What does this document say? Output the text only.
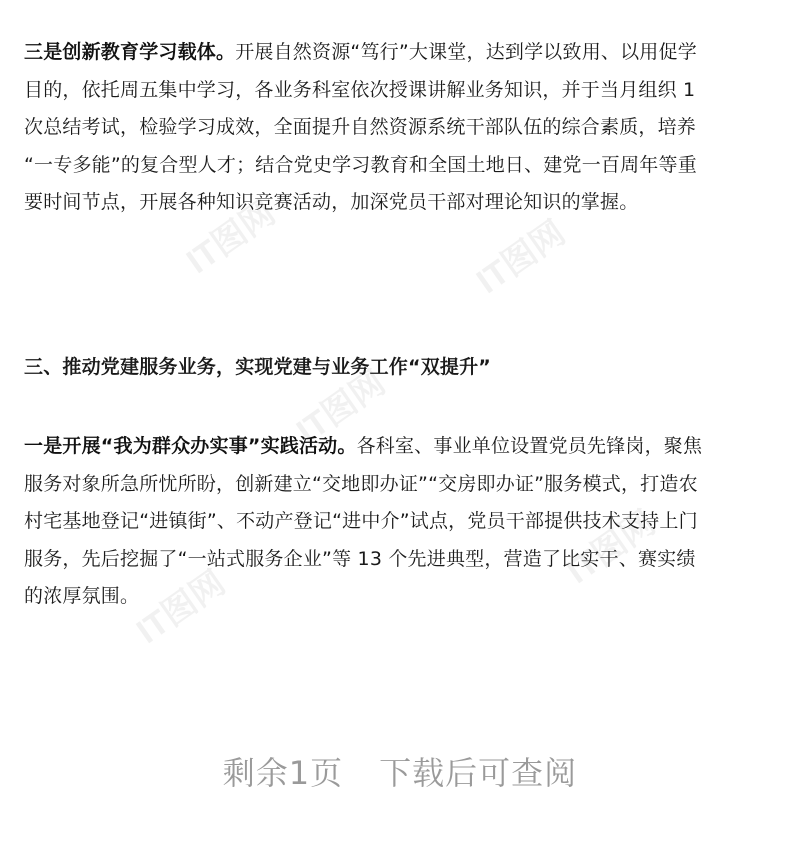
IT图网	IT图网
IT图网
IT图网
IT图网
三是创新教育学习载体。开展自然资源“笃行”大课堂，达到学以致用、以用促学
目的，依托周五集中学习，各业务科室依次授课讲解业务知识，并于当月组织 1
次总结考试，检验学习成效，全面提升自然资源系统干部队伍的综合素质，培养
“一专多能”的复合型人才；结合党史学习教育和全国土地日、建党一百周年等重
要时间节点，开展各种知识竞赛活动，加深党员干部对理论知识的掌握。
三、推动党建服务业务，实现党建与业务工作“双提升”
一是开展“我为群众办实事”实践活动。各科室、事业单位设置党员先锋岗，聚焦
服务对象所急所忧所盼，创新建立“交地即办证”“交房即办证”服务模式，打造农
村宅基地登记“进镇街”、不动产登记“进中介”试点，党员干部提供技术支持上门
服务，先后挖掘了“一站式服务企业”等 13 个先进典型，营造了比实干、赛实绩
的浓厚氛围。
剩余1页 下载后可查阅
